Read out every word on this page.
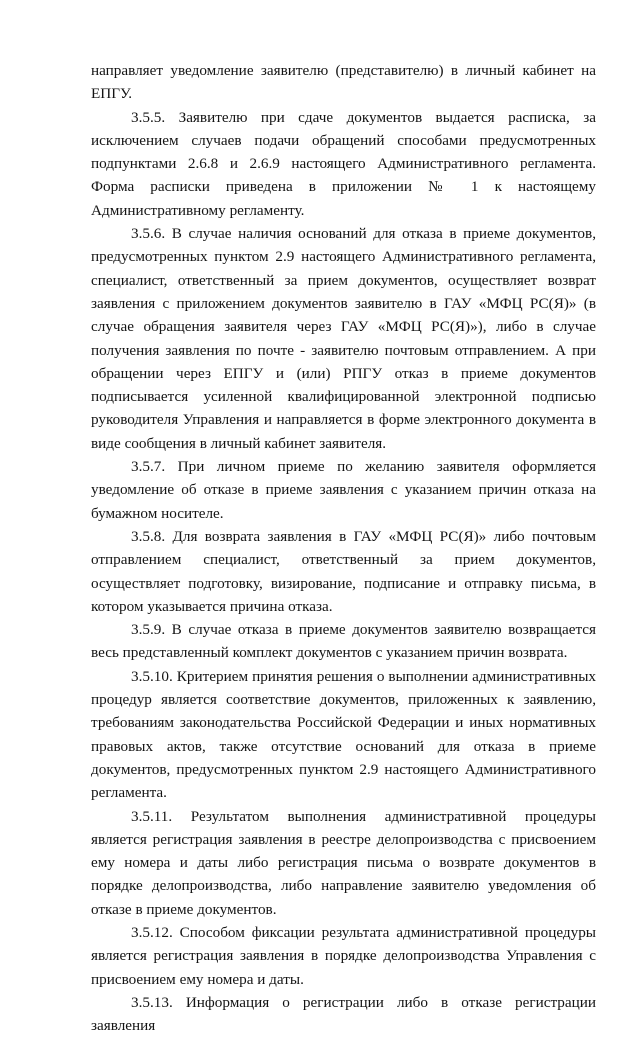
направляет уведомление заявителю (представителю) в личный кабинет на ЕПГУ.

3.5.5. Заявителю при сдаче документов выдается расписка, за исключением случаев подачи обращений способами предусмотренных подпунктами 2.6.8 и 2.6.9 настоящего Административного регламента. Форма расписки приведена в приложении № 1 к настоящему Административному регламенту.

3.5.6. В случае наличия оснований для отказа в приеме документов, предусмотренных пунктом 2.9 настоящего Административного регламента, специалист, ответственный за прием документов, осуществляет возврат заявления с приложением документов заявителю в ГАУ «МФЦ РС(Я)» (в случае обращения заявителя через ГАУ «МФЦ РС(Я)»), либо в случае получения заявления по почте - заявителю почтовым отправлением. А при обращении через ЕПГУ и (или) РПГУ отказ в приеме документов подписывается усиленной квалифицированной электронной подписью руководителя Управления и направляется в форме электронного документа в виде сообщения в личный кабинет заявителя.

3.5.7. При личном приеме по желанию заявителя оформляется уведомление об отказе в приеме заявления с указанием причин отказа на бумажном носителе.

3.5.8. Для возврата заявления в ГАУ «МФЦ РС(Я)» либо почтовым отправлением специалист, ответственный за прием документов, осуществляет подготовку, визирование, подписание и отправку письма, в котором указывается причина отказа.

3.5.9. В случае отказа в приеме документов заявителю возвращается весь представленный комплект документов с указанием причин возврата.

3.5.10. Критерием принятия решения о выполнении административных процедур является соответствие документов, приложенных к заявлению, требованиям законодательства Российской Федерации и иных нормативных правовых актов, также отсутствие оснований для отказа в приеме документов, предусмотренных пунктом 2.9 настоящего Административного регламента.

3.5.11. Результатом выполнения административной процедуры является регистрация заявления в реестре делопроизводства с присвоением ему номера и даты либо регистрация письма о возврате документов в порядке делопроизводства, либо направление заявителю уведомления об отказе в приеме документов.

3.5.12. Способом фиксации результата административной процедуры является регистрация заявления в порядке делопроизводства Управления с присвоением ему номера и даты.

3.5.13. Информация о регистрации либо в отказе регистрации заявления
